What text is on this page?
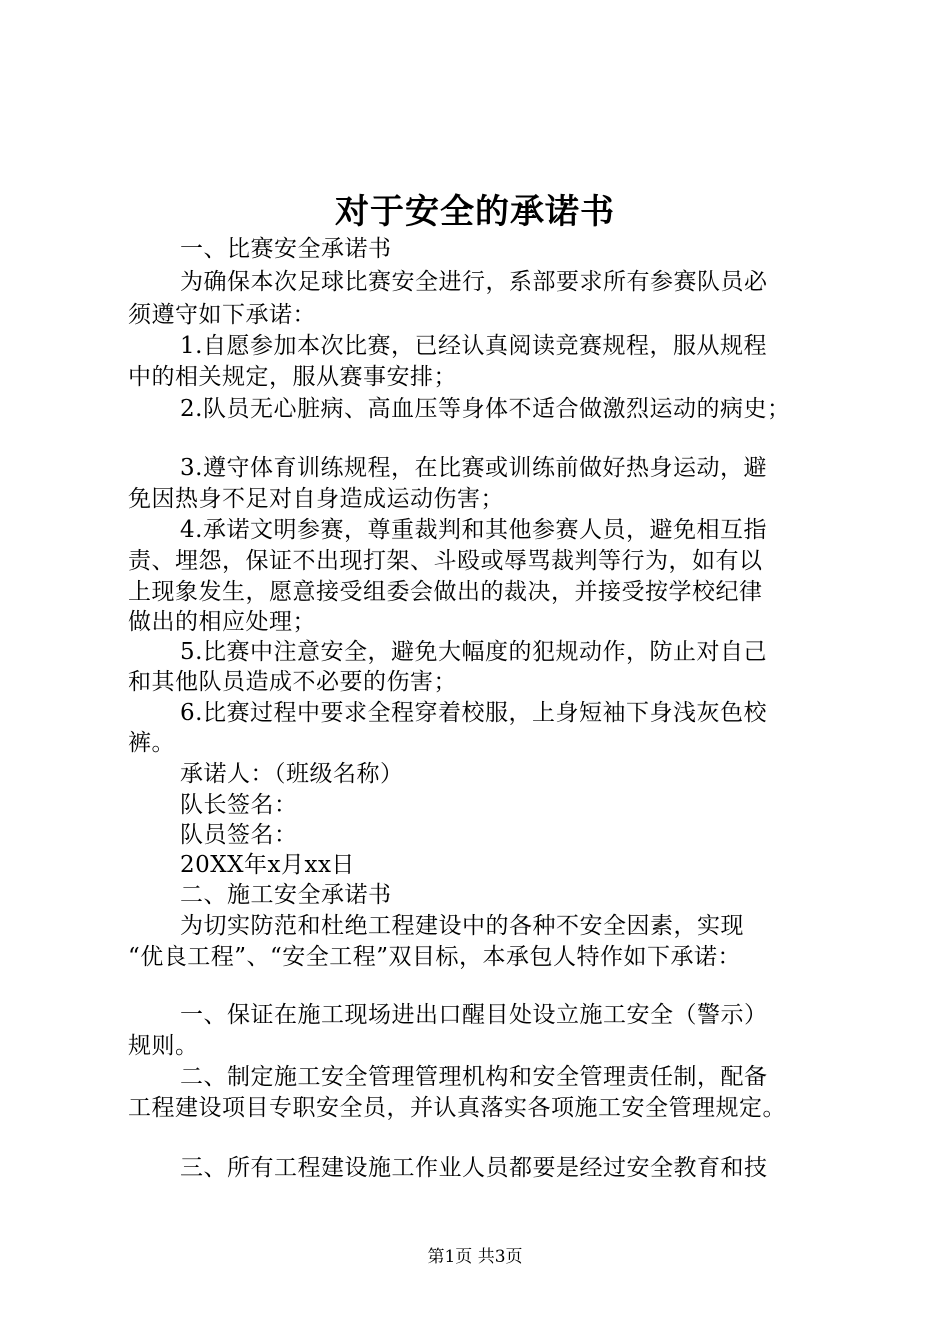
对于安全的承诺书
一、比赛安全承诺书
为确保本次足球比赛安全进行，系部要求所有参赛队员必
须遵守如下承诺：
1.自愿参加本次比赛，已经认真阅读竞赛规程，服从规程
中的相关规定，服从赛事安排；
2.队员无心脏病、高血压等身体不适合做激烈运动的病史；
3.遵守体育训练规程，在比赛或训练前做好热身运动，避
免因热身不足对自身造成运动伤害；
4.承诺文明参赛，尊重裁判和其他参赛人员，避免相互指
责、埋怨，保证不出现打架、斗殴或辱骂裁判等行为，如有以
上现象发生，愿意接受组委会做出的裁决，并接受按学校纪律
做出的相应处理；
5.比赛中注意安全，避免大幅度的犯规动作，防止对自己
和其他队员造成不必要的伤害；
6.比赛过程中要求全程穿着校服，上身短袖下身浅灰色校
裤。
承诺人：（班级名称）
队长签名：
队员签名：
20XX年x月xx日
二、施工安全承诺书
为切实防范和杜绝工程建设中的各种不安全因素，实现
“优良工程”、“安全工程”双目标，本承包人特作如下承诺：
一、保证在施工现场进出口醒目处设立施工安全（警示）
规则。
二、制定施工安全管理管理机构和安全管理责任制，配备
工程建设项目专职安全员，并认真落实各项施工安全管理规定。
三、所有工程建设施工作业人员都要是经过安全教育和技
第1页 共3页
